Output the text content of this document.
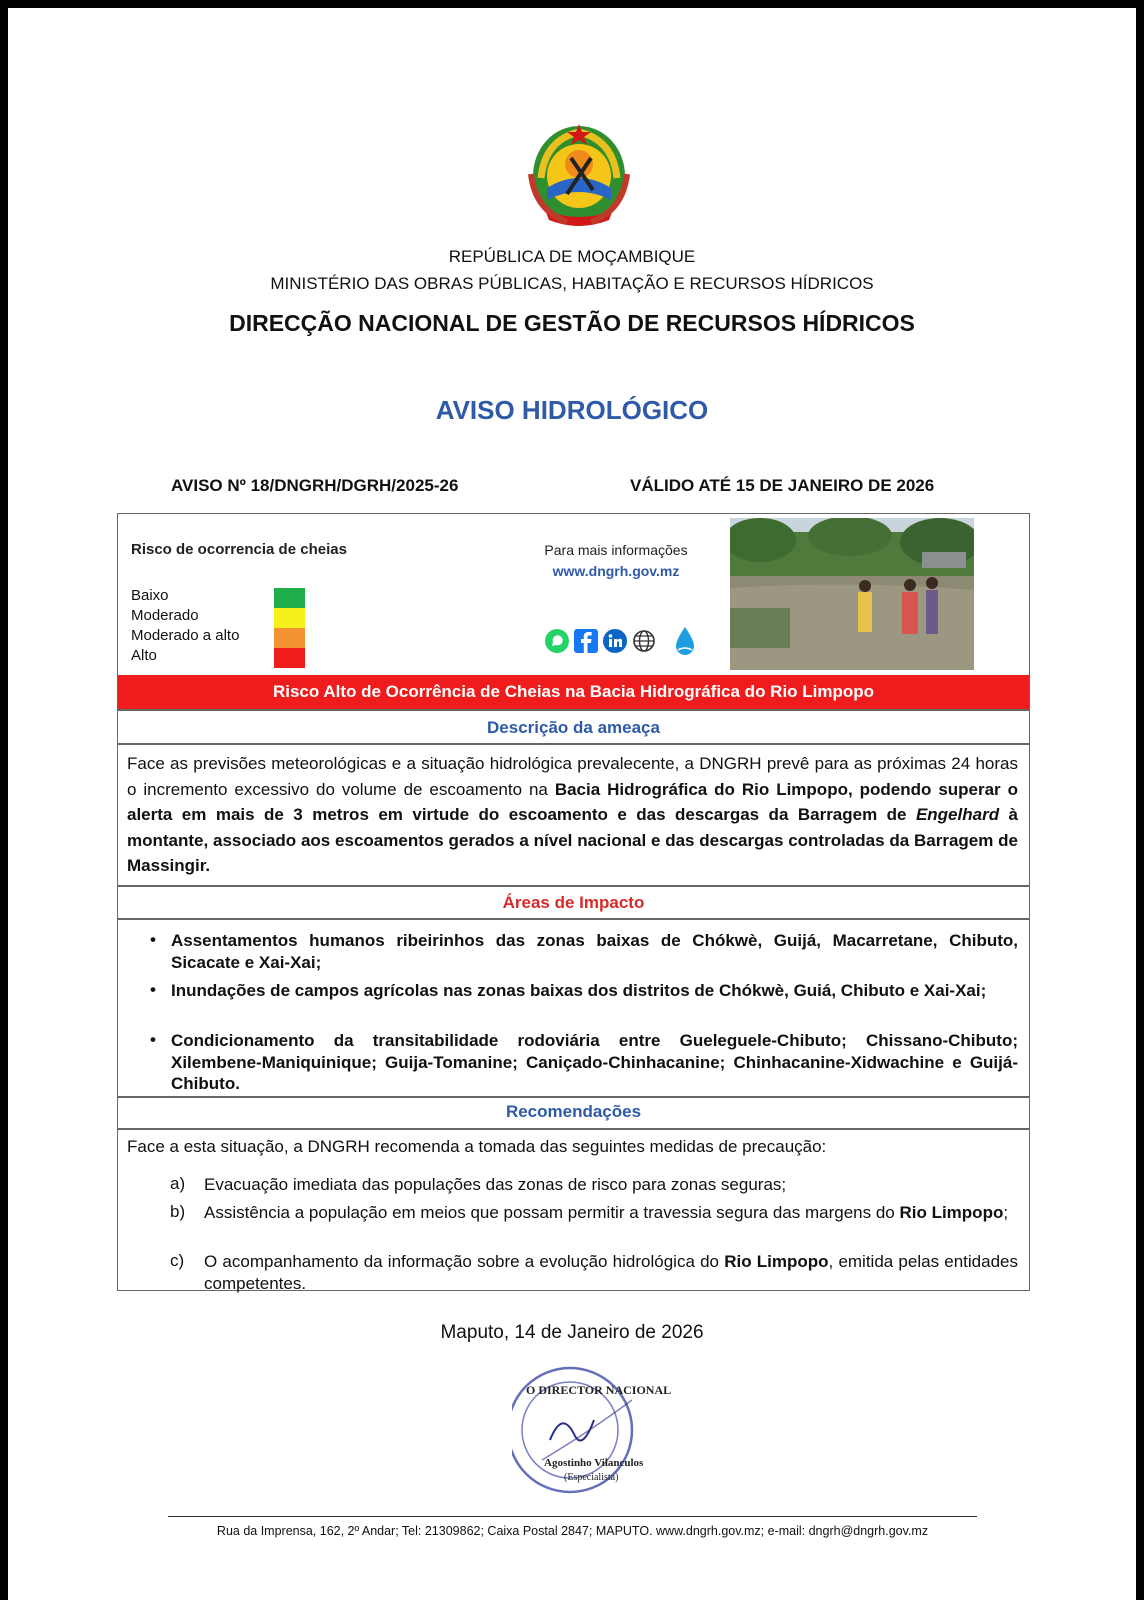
REPÚBLICA DE MOÇAMBIQUE
MINISTÉRIO DAS OBRAS PÚBLICAS, HABITAÇÃO E RECURSOS HÍDRICOS
DIRECÇÃO NACIONAL DE GESTÃO DE RECURSOS HÍDRICOS
AVISO HIDROLÓGICO
AVISO Nº 18/DNGRH/DGRH/2025-26	VÁLIDO ATÉ 15 DE JANEIRO DE 2026
Risco de ocorrencia de cheias
Baixo
Moderado
Moderado a alto
Alto
Para mais informações
www.dngrh.gov.mz
Risco Alto de Ocorrência de Cheias na Bacia Hidrográfica do Rio Limpopo
Descrição da ameaça
Face as previsões meteorológicas e a situação hidrológica prevalecente, a DNGRH prevê para as próximas 24 horas o incremento excessivo do volume de escoamento na Bacia Hidrográfica do Rio Limpopo, podendo superar o alerta em mais de 3 metros em virtude do escoamento e das descargas da Barragem de Engelhard à montante, associado aos escoamentos gerados a nível nacional e das descargas controladas da Barragem de Massingir.
Áreas de Impacto
• Assentamentos humanos ribeirinhos das zonas baixas de Chókwè, Guijá, Macarretane, Chibuto, Sicacate e Xai-Xai;
• Inundações de campos agrícolas nas zonas baixas dos distritos de Chókwè, Guiá, Chibuto e Xai-Xai;
• Condicionamento da transitabilidade rodoviária entre Gueleguele-Chibuto; Chissano-Chibuto; Xilembene-Maniquinique; Guija-Tomanine; Caniçado-Chinhacanine; Chinhacanine-Xidwachine e Guijá-Chibuto.
Recomendações
Face a esta situação, a DNGRH recomenda a tomada das seguintes medidas de precaução:
a) Evacuação imediata das populações das zonas de risco para zonas seguras;
b) Assistência a população em meios que possam permitir a travessia segura das margens do Rio Limpopo;
c) O acompanhamento da informação sobre a evolução hidrológica do Rio Limpopo, emitida pelas entidades competentes.
Maputo, 14 de Janeiro de 2026
O DIRECTOR NACIONAL
Agostinho Vilanculos
(Especialista)
Rua da Imprensa, 162, 2º Andar; Tel: 21309862; Caixa Postal 2847; MAPUTO. www.dngrh.gov.mz; e-mail: dngrh@dngrh.gov.mz
